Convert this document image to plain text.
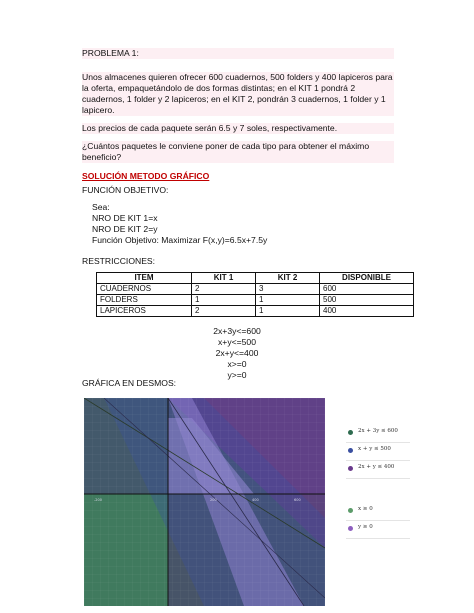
PROBLEMA 1:
Unos almacenes quieren ofrecer 600 cuadernos, 500 folders y 400 lapiceros para
la oferta, empaquetándolo de dos formas distintas; en el KIT 1 pondrá 2
cuadernos, 1 folder y 2 lapiceros; en el KIT 2, pondrán 3 cuadernos, 1 folder y 1
lapicero.
Los precios de cada paquete serán 6.5 y 7 soles, respectivamente.
¿Cuántos paquetes le conviene poner de cada tipo para obtener el máximo
beneficio?
SOLUCIÓN METODO GRÁFICO
FUNCIÓN OBJETIVO:
Sea:
NRO DE KIT 1=x
NRO DE KIT 2=y
Función Objetivo: Maximizar F(x,y)=6.5x+7.5y
RESTRICCIONES:
ITEM	KIT 1	KIT 2	DISPONIBLE
CUADERNOS	2	3	600
FOLDERS	1	1	500
LAPICEROS	2	1	400
2x+3y<=600
x+y<=500
2x+y<=400
x>=0
y>=0
GRÁFICA EN DESMOS:
-200	200	400	600
2x + 3y ≤ 600
x + y ≤ 500
2x + y ≤ 400
x ≥ 0
y ≥ 0
